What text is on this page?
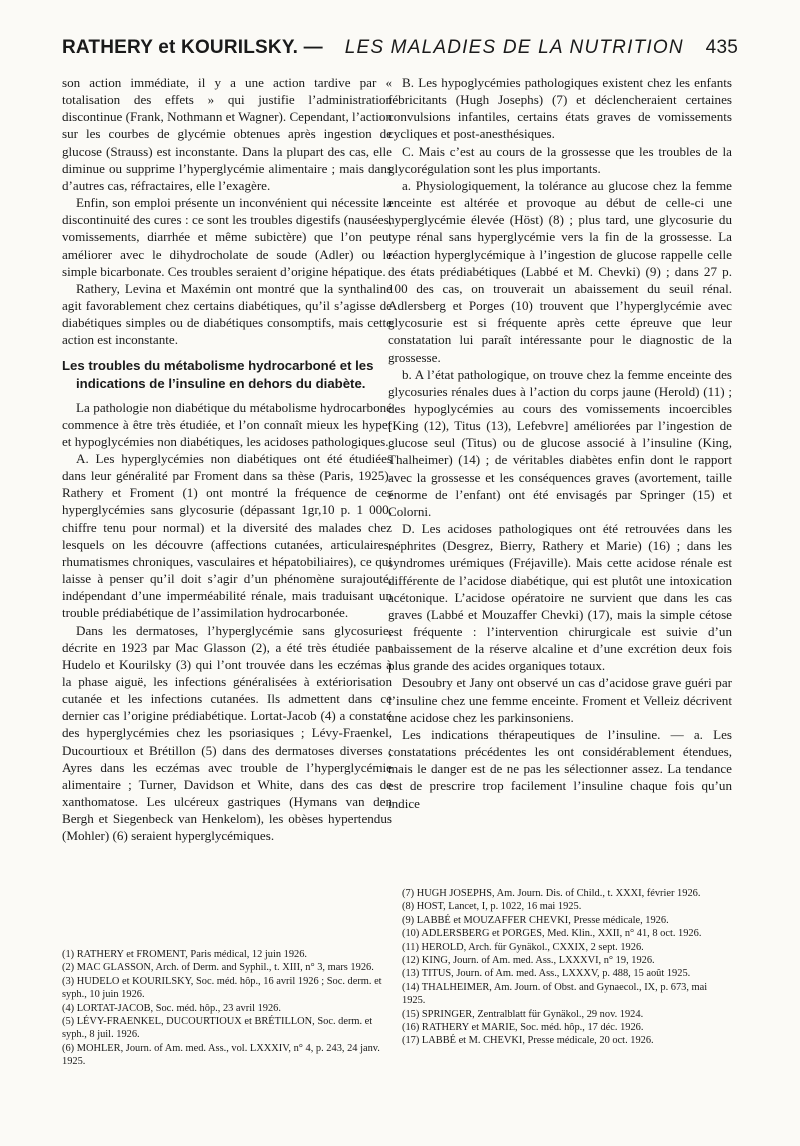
RATHERY et KOURILSKY. — LES MALADIES DE LA NUTRITION 435

son action immédiate, il y a une action tardive par « totalisation des effets » qui justifie l’administration discontinue (Frank, Nothmann et Wagner). Cependant, l’action sur les courbes de glycémie obtenues après ingestion de glucose (Strauss) est inconstante. Dans la plupart des cas, elle diminue ou supprime l’hyperglycémie alimentaire ; mais dans d’autres cas, réfractaires, elle l’exagère.

Enfin, son emploi présente un inconvénient qui nécessite la discontinuité des cures : ce sont les troubles digestifs (nausées, vomissements, diarrhée et même subictère) que l’on peut améliorer avec le dihydrocholate de soude (Adler) ou le simple bicarbonate. Ces troubles seraient d’origine hépatique.

Rathery, Levina et Maxémin ont montré que la synthaline agit favorablement chez certains diabétiques, qu’il s’agisse de diabétiques simples ou de diabétiques consomptifs, mais cette action est inconstante.

Les troubles du métabolisme hydrocarboné et les indications de l’insuline en dehors du diabète.

La pathologie non diabétique du métabolisme hydrocarboné commence à être très étudiée, et l’on connaît mieux les hyper et hypoglycémies non diabétiques, les acidoses pathologiques.

A. Les hyperglycémies non diabétiques ont été étudiées dans leur généralité par Froment dans sa thèse (Paris, 1925). Rathery et Froment (1) ont montré la fréquence de ces hyperglycémies sans glycosurie (dépassant 1gr,10 p. 1 000, chiffre tenu pour normal) et la diversité des malades chez lesquels on les découvre (affections cutanées, articulaires, rhumatismes chroniques, vasculaires et hépatobiliaires), ce qui laisse à penser qu’il doit s’agir d’un phénomène surajouté, indépendant d’une imperméabilité rénale, mais traduisant un trouble prédiabétique de l’assimilation hydrocarbonée.

Dans les dermatoses, l’hyperglycémie sans glycosurie, décrite en 1923 par Mac Glasson (2), a été très étudiée par Hudelo et Kourilsky (3) qui l’ont trouvée dans les eczémas à la phase aiguë, les infections généralisées à extériorisation cutanée et les infections cutanées. Ils admettent dans ce dernier cas l’origine prédiabétique. Lortat-Jacob (4) a constaté des hyperglycémies chez les psoriasiques ; Lévy-Fraenkel, Ducourtioux et Brétillon (5) dans des dermatoses diverses ; Ayres dans les eczémas avec trouble de l’hyperglycémie alimentaire ; Turner, Davidson et White, dans des cas de xanthomatose. Les ulcéreux gastriques (Hymans van den Bergh et Siegenbeck van Henkelom), les obèses hypertendus (Mohler) (6) seraient hyperglycémiques.

(1) RATHERY et FROMENT, Paris médical, 12 juin 1926.

(2) MAC GLASSON, Arch. of Derm. and Syphil., t. XIII, n° 3, mars 1926.

(3) HUDELO et KOURILSKY, Soc. méd. hôp., 16 avril 1926 ; Soc. derm. et syph., 10 juin 1926.

(4) LORTAT-JACOB, Soc. méd. hôp., 23 avril 1926.

(5) LÉVY-FRAENKEL, DUCOURTIOUX et BRÉTILLON, Soc. derm. et syph., 8 juil. 1926.

(6) MOHLER, Journ. of Am. med. Ass., vol. LXXXIV, n° 4, p. 243, 24 janv. 1925.

B. Les hypoglycémies pathologiques existent chez les enfants fébricitants (Hugh Josephs) (7) et déclencheraient certaines convulsions infantiles, certains états graves de vomissements cycliques et post-anesthésiques.

C. Mais c’est au cours de la grossesse que les troubles de la glycorégulation sont les plus importants.

a. Physiologiquement, la tolérance au glucose chez la femme enceinte est altérée et provoque au début de celle-ci une hyperglycémie élevée (Höst) (8) ; plus tard, une glycosurie du type rénal sans hyperglycémie vers la fin de la grossesse. La réaction hyperglycémique à l’ingestion de glucose rappelle celle des états prédiabétiques (Labbé et M. Chevki) (9) ; dans 27 p. 100 des cas, on trouverait un abaissement du seuil rénal. Adlersberg et Porges (10) trouvent que l’hyperglycémie avec glycosurie est si fréquente après cette épreuve que leur constatation lui paraît intéressante pour le diagnostic de la grossesse.

b. A l’état pathologique, on trouve chez la femme enceinte des glycosuries rénales dues à l’action du corps jaune (Herold) (11) ; des hypoglycémies au cours des vomissements incoercibles [King (12), Titus (13), Lefebvre] améliorées par l’ingestion de glucose seul (Titus) ou de glucose associé à l’insuline (King, Thalheimer) (14) ; de véritables diabètes enfin dont le rapport avec la grossesse et les conséquences graves (avortement, taille énorme de l’enfant) ont été envisagés par Springer (15) et Colorni.

D. Les acidoses pathologiques ont été retrouvées dans les néphrites (Desgrez, Bierry, Rathery et Marie) (16) ; dans les syndromes urémiques (Fréjaville). Mais cette acidose rénale est différente de l’acidose diabétique, qui est plutôt une intoxication acétonique. L’acidose opératoire ne survient que dans les cas graves (Labbé et Mouzaffer Chevki) (17), mais la simple cétose est fréquente : l’intervention chirurgicale est suivie d’un abaissement de la réserve alcaline et d’une excrétion deux fois plus grande des acides organiques totaux.

Desoubry et Jany ont observé un cas d’acidose grave guéri par l’insuline chez une femme enceinte. Froment et Velleiz décrivent une acidose chez les parkinsoniens.

Les indications thérapeutiques de l’insuline. — a. Les constatations précédentes les ont considérablement étendues, mais le danger est de ne pas les sélectionner assez. La tendance est de prescrire trop facilement l’insuline chaque fois qu’un indice

(7) HUGH JOSEPHS, Am. Journ. Dis. of Child., t. XXXI, février 1926.

(8) HOST, Lancet, I, p. 1022, 16 mai 1925.

(9) LABBÉ et MOUZAFFER CHEVKI, Presse médicale, 1926.

(10) ADLERSBERG et PORGES, Med. Klin., XXII, n° 41, 8 oct. 1926.

(11) HEROLD, Arch. für Gynäkol., CXXIX, 2 sept. 1926.

(12) KING, Journ. of Am. med. Ass., LXXXVI, n° 19, 1926.

(13) TITUS, Journ. of Am. med. Ass., LXXXV, p. 488, 15 août 1925.

(14) THALHEIMER, Am. Journ. of Obst. and Gynaecol., IX, p. 673, mai 1925.

(15) SPRINGER, Zentralblatt für Gynäkol., 29 nov. 1924.

(16) RATHERY et MARIE, Soc. méd. hôp., 17 déc. 1926.

(17) LABBÉ et M. CHEVKI, Presse médicale, 20 oct. 1926.
